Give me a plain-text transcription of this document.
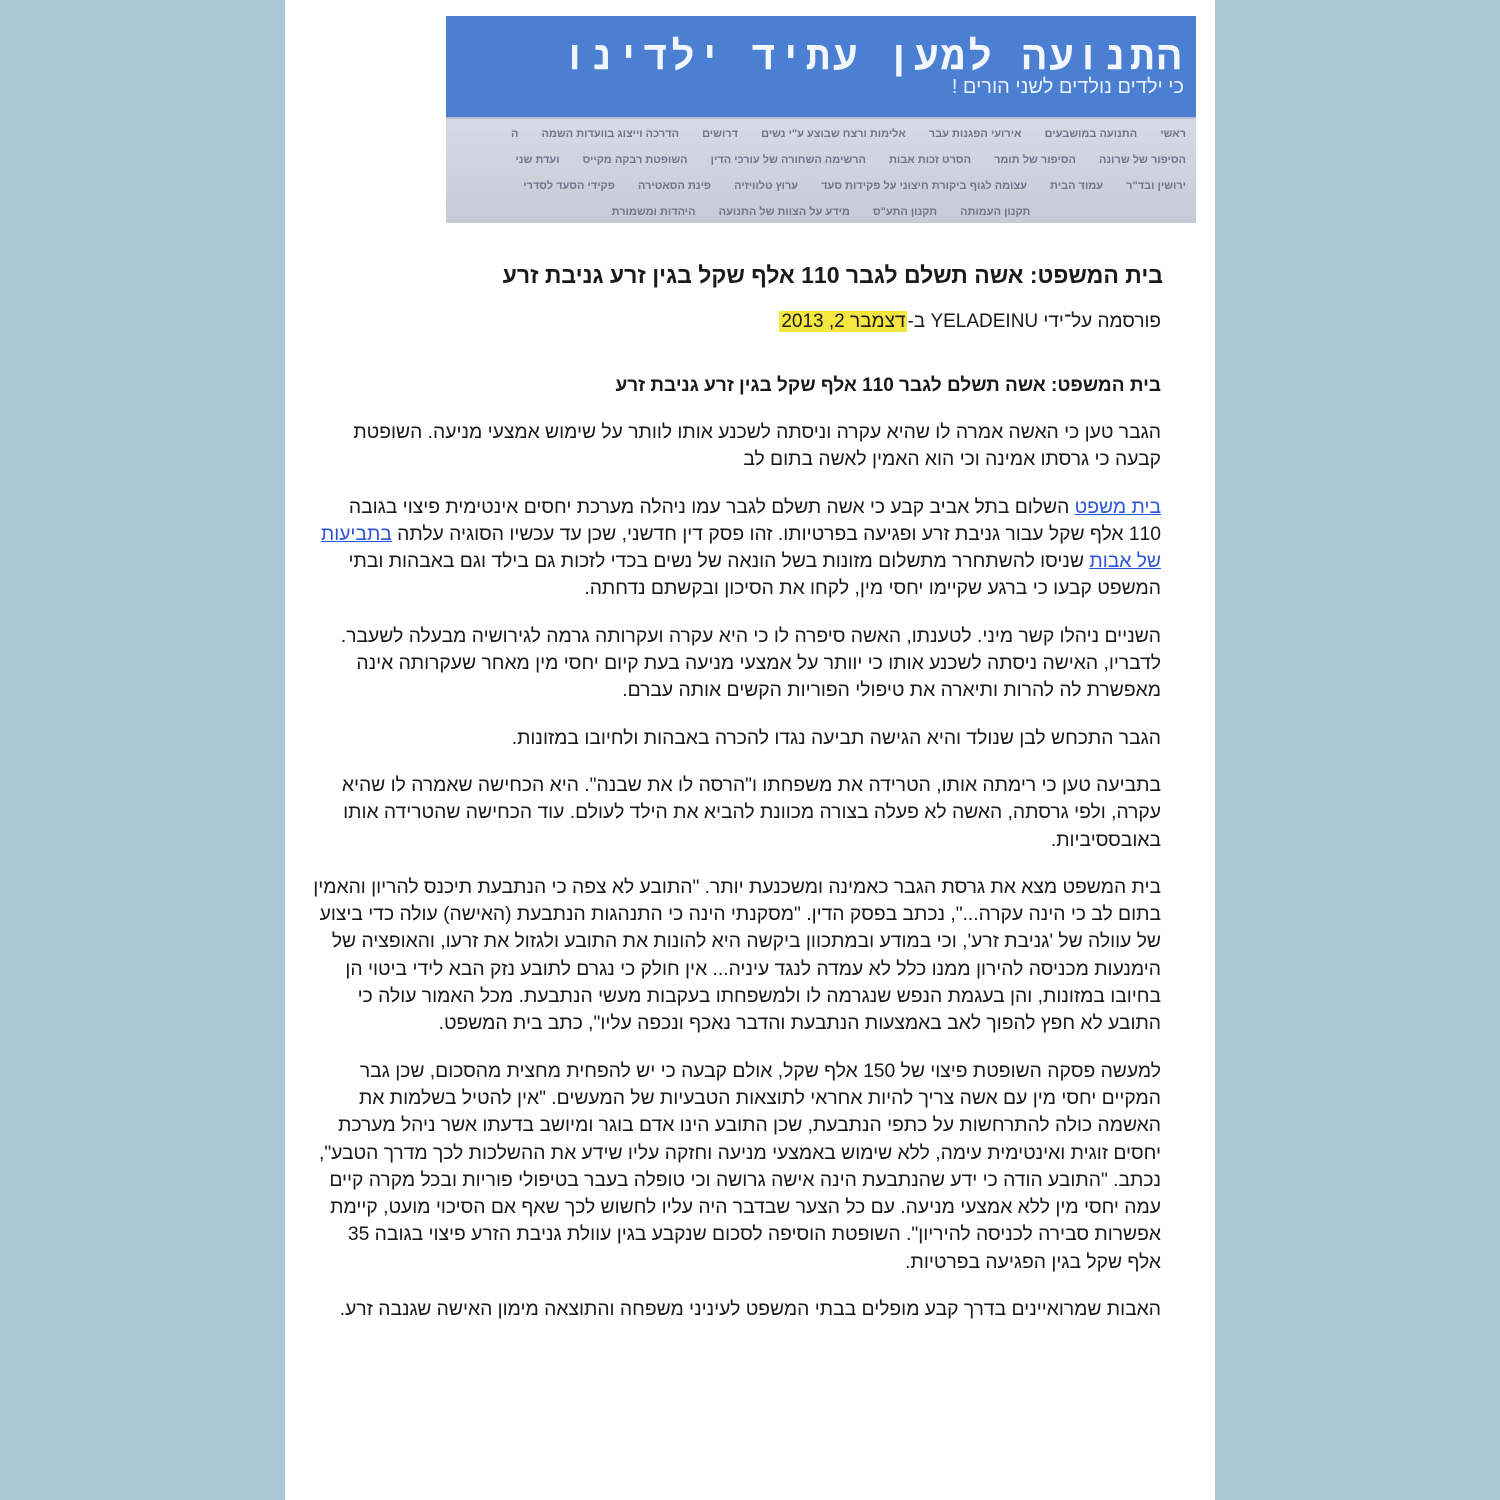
התנועה למען עתיד ילדינו
כי ילדים נולדים לשני הורים !
ראשי התנועה במושבעים אירועי הפגנות עבר אלימות ורצח שבוצע ע"י נשים דרושים הדרכה וייצוג בוועדות השמה ה
הסיפור של שרונה הסיפור של תומר הסרט זכות אבות הרשימה השחורה של עורכי הדין השופטת רבקה מקייס ועדת שני
ירושין ובד"ר עמוד הבית עצומה לגוף ביקורת חיצוני על פקידות סעד ערוץ טלוויזיה פינת הסאטירה פקידי הסעד לסדרי
תקנון העמותה תקנון התע"ס מידע על הצוות של התנועה היהדות ומשמורת
בית המשפט: אשה תשלם לגבר 110 אלף שקל בגין זרע גניבת זרע
פורסמה על־ידי YELADEINU ב-דצמבר 2, 2013
בית המשפט: אשה תשלם לגבר 110 אלף שקל בגין זרע גניבת זרע

הגבר טען כי האשה אמרה לו שהיא עקרה וניסתה לשכנע אותו לוותר על שימוש אמצעי מניעה. השופטת קבעה כי גרסתו אמינה וכי הוא האמין לאשה בתום לב

בית משפט השלום בתל אביב קבע כי אשה תשלם לגבר עמו ניהלה מערכת יחסים אינטימית פיצוי בגובה 110 אלף שקל עבור גניבת זרע ופגיעה בפרטיותו. זהו פסק דין חדשני, שכן עד עכשיו הסוגיה עלתה בתביעות של אבות שניסו להשתחרר מתשלום מזונות בשל הונאה של נשים בכדי לזכות גם בילד וגם באבהות ובתי המשפט קבעו כי ברגע שקיימו יחסי מין, לקחו את הסיכון ובקשתם נדחתה.

השניים ניהלו קשר מיני. לטענתו, האשה סיפרה לו כי היא עקרה ועקרותה גרמה לגירושיה מבעלה לשעבר. לדבריו, האישה ניסתה לשכנע אותו כי יוותר על אמצעי מניעה בעת קיום יחסי מין מאחר שעקרותה אינה מאפשרת לה להרות ותיארה את טיפולי הפוריות הקשים אותה עברם.

הגבר התכחש לבן שנולד והיא הגישה תביעה נגדו להכרה באבהות ולחיובו במזונות.

בתביעה טען כי רימתה אותו, הטרידה את משפחתו ו"הרסה לו את שבנה". היא הכחישה שאמרה לו שהיא עקרה, ולפי גרסתה, האשה לא פעלה בצורה מכוונת להביא את הילד לעולם. עוד הכחישה שהטרידה אותו באובססיביות.

בית המשפט מצא את גרסת הגבר כאמינה ומשכנעת יותר. "התובע לא צפה כי הנתבעת תיכנס להריון והאמין בתום לב כי הינה עקרה...", נכתב בפסק הדין. "מסקנתי הינה כי התנהגות הנתבעת (האישה) עולה כדי ביצוע של עוולה של 'גניבת זרע', וכי במודע ובמתכוון ביקשה היא להונות את התובע ולגזול את זרעו, והאופציה של הימנעות מכניסה להירון ממנו כלל לא עמדה לנגד עיניה... אין חולק כי נגרם לתובע נזק הבא לידי ביטוי הן בחיובו במזונות, והן בעגמת הנפש שנגרמה לו ולמשפחתו בעקבות מעשי הנתבעת. מכל האמור עולה כי התובע לא חפץ להפוך לאב באמצעות הנתבעת והדבר נאכף ונכפה עליו", כתב בית המשפט.

למעשה פסקה השופטת פיצוי של 150 אלף שקל, אולם קבעה כי יש להפחית מחצית מהסכום, שכן גבר המקיים יחסי מין עם אשה צריך להיות אחראי לתוצאות הטבעיות של המעשים. "אין להטיל בשלמות את האשמה כולה להתרחשות על כתפי הנתבעת, שכן התובע הינו אדם בוגר ומיושב בדעתו אשר ניהל מערכת יחסים זוגית ואינטימית עימה, ללא שימוש באמצעי מניעה וחזקה עליו שידע את ההשלכות לכך מדרך הטבע", נכתב. "התובע הודה כי ידע שהנתבעת הינה אישה גרושה וכי טופלה בעבר בטיפולי פוריות ובכל מקרה קיים עמה יחסי מין ללא אמצעי מניעה. עם כל הצער שבדבר היה עליו לחשוש לכך שאף אם הסיכוי מועט, קיימת אפשרות סבירה לכניסה להיריון". השופטת הוסיפה לסכום שנקבע בגין עוולת גניבת הזרע פיצוי בגובה 35 אלף שקל בגין הפגיעה בפרטיות.

האבות שמרואיינים בדרך קבע מופלים בבתי המשפט לעיניני משפחה והתוצאה מימון האישה שגנבה זרע.
